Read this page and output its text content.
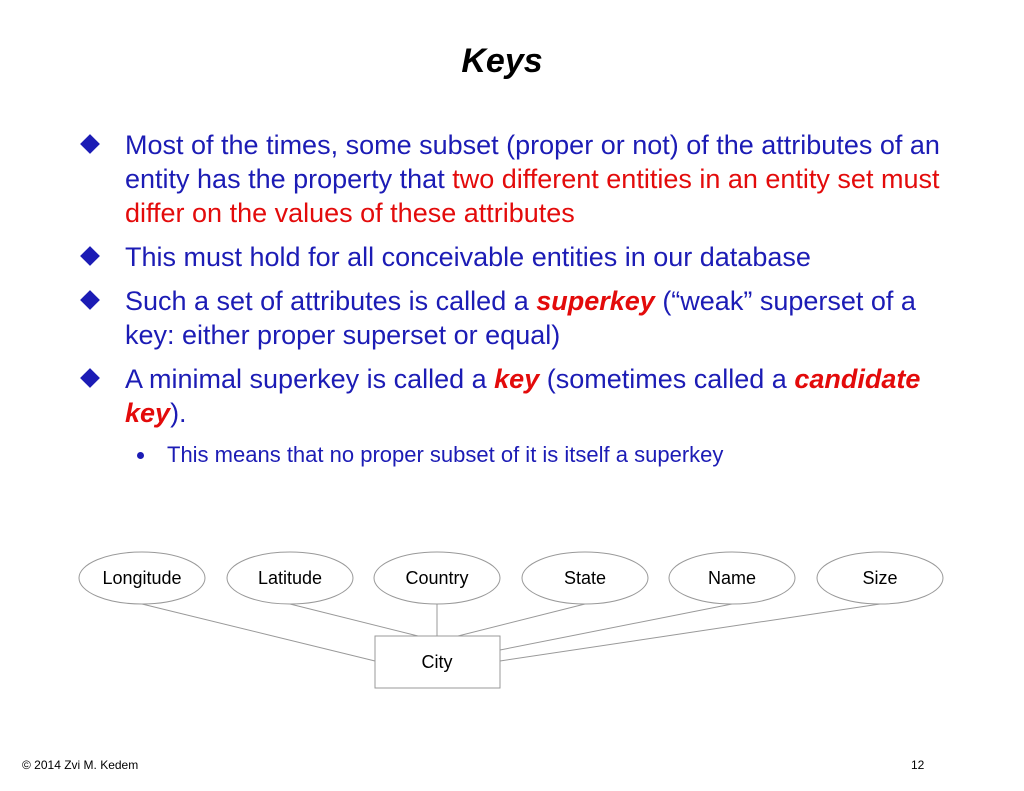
Keys
Most of the times, some subset (proper or not) of the attributes of an entity has the property that two different entities in an entity set must differ on the values of these attributes
This must hold for all conceivable entities in our database
Such a set of attributes is called a superkey (“weak” superset of a key: either proper superset or equal)
A minimal superkey is called a key (sometimes called a candidate key).
This means that no proper subset of it is itself a superkey
Longitude	Latitude	Country	State	Name	Size
City
© 2014 Zvi M. Kedem	12
